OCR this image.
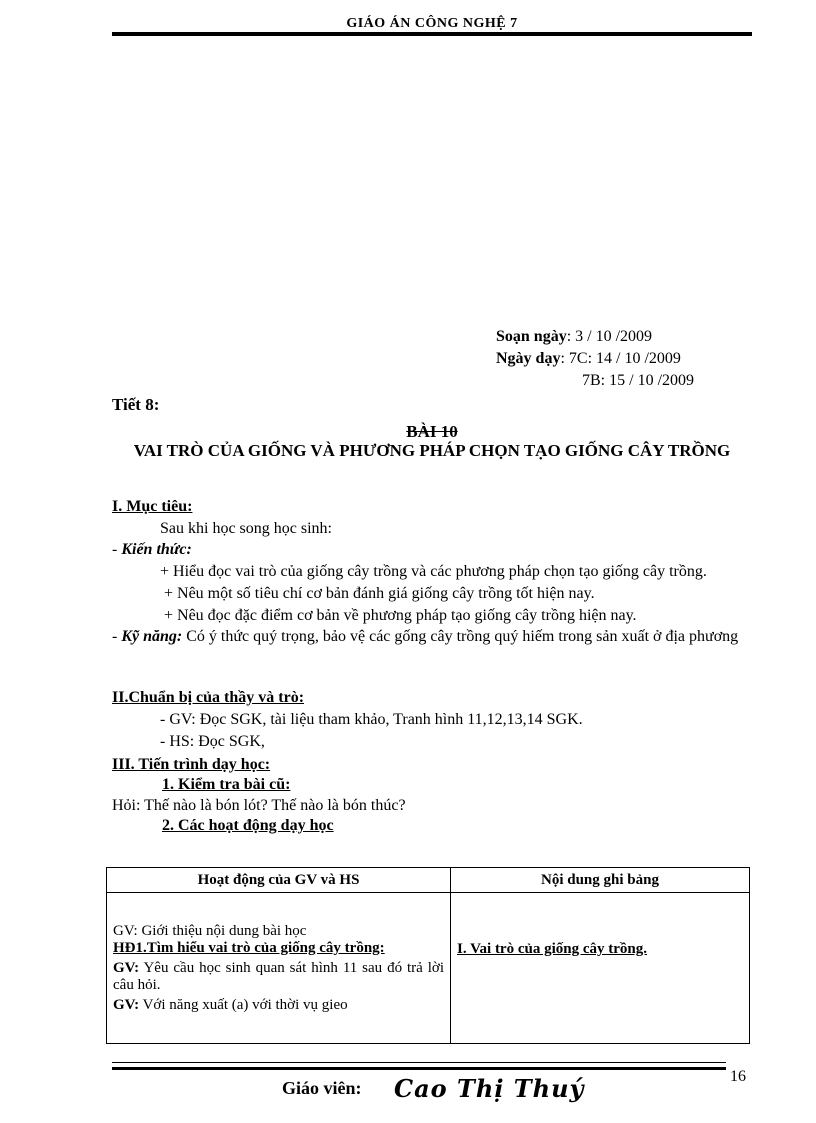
GIÁO ÁN CÔNG NGHỆ 7
Soạn ngày: 3 / 10 /2009
Ngày dạy: 7C: 14 / 10 /2009
7B: 15 / 10 /2009
Tiết 8:
BÀI 10
VAI TRÒ CỦA GIỐNG VÀ PHƯƠNG PHÁP CHỌN TẠO GIỐNG CÂY TRỒNG
I. Mục tiêu:
Sau khi học song học sinh:
- Kiến thức:
+ Hiểu đọc vai trò của giống cây trồng và các phương pháp chọn tạo giống cây trồng.
+ Nêu một số tiêu chí cơ bản đánh giá giống cây trồng tốt hiện nay.
+ Nêu đọc đặc điểm cơ bản về phương pháp tạo giống cây trồng hiện nay.
- Kỹ năng: Có ý thức quý trọng, bảo vệ các gống cây trồng quý hiếm trong sản xuất ở địa phương
II.Chuẩn bị của thầy và trò:
- GV: Đọc SGK, tài liệu tham khảo, Tranh hình 11,12,13,14 SGK.
- HS: Đọc SGK,
III. Tiến trình dạy học:
1. Kiểm tra bài cũ:
Hỏi: Thế nào là bón lót? Thế nào là bón thúc?
2. Các hoạt động dạy học
Hoạt động của GV và HS	Nội dung ghi bảng

GV: Giới thiệu nội dung bài học

HĐ1.Tìm hiểu vai trò của giống cây trồng:

GV: Yêu cầu học sinh quan sát hình 11 sau đó trả lời câu hỏi.

GV: Với năng xuất (a) với thời vụ gieo	I. Vai trò của giống cây trồng.
16
Giáo viên: Cao Thị Thuý
